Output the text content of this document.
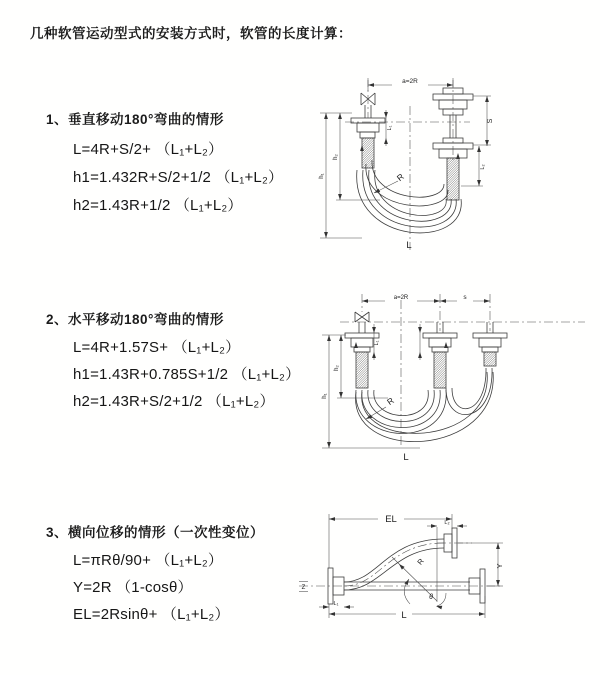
几种软管运动型式的安装方式时，软管的长度计算：
1、垂直移动180°弯曲的情形
L=4R+S/2+ （L₁+L₂）
h1=1.432R+S/2+1/2 （L₁+L₂）
h2=1.43R+1/2 （L₁+L₂）
2、水平移动180°弯曲的情形
L=4R+1.57S+ （L₁+L₂）
h1=1.43R+0.785S+1/2 （L₁+L₂）
h2=1.43R+S/2+1/2 （L₁+L₂）
3、横向位移的情形（一次性变位）
L=πRθ/90+ （L₁+L₂）
Y=2R （1-cosθ）
EL=2Rsinθ+ （L₁+L₂）
a=2R
S
L₂
L₁
h₁
h₂
R
L
a=2R	s
L₁
h₁
h₂
R
L
EL	L₂
Y
R
θ
L
L₁
Z
